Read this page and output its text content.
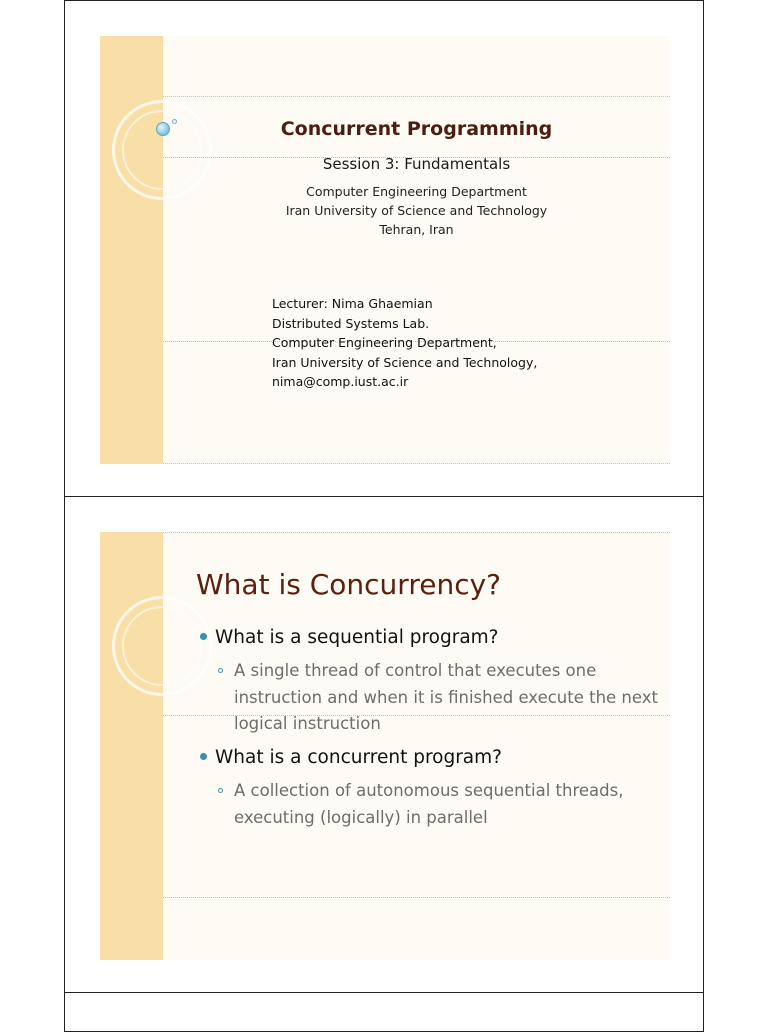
Concurrent Programming
Session 3: Fundamentals
Computer Engineering Department
Iran University of Science and Technology
Tehran, Iran
Lecturer: Nima Ghaemian
Distributed Systems Lab.
Computer Engineering Department,
Iran University of Science and Technology,
nima@comp.iust.ac.ir
What is Concurrency?
What is a sequential program?
A single thread of control that executes one instruction and when it is finished execute the next logical instruction
What is a concurrent program?
A collection of autonomous sequential threads, executing (logically) in parallel
